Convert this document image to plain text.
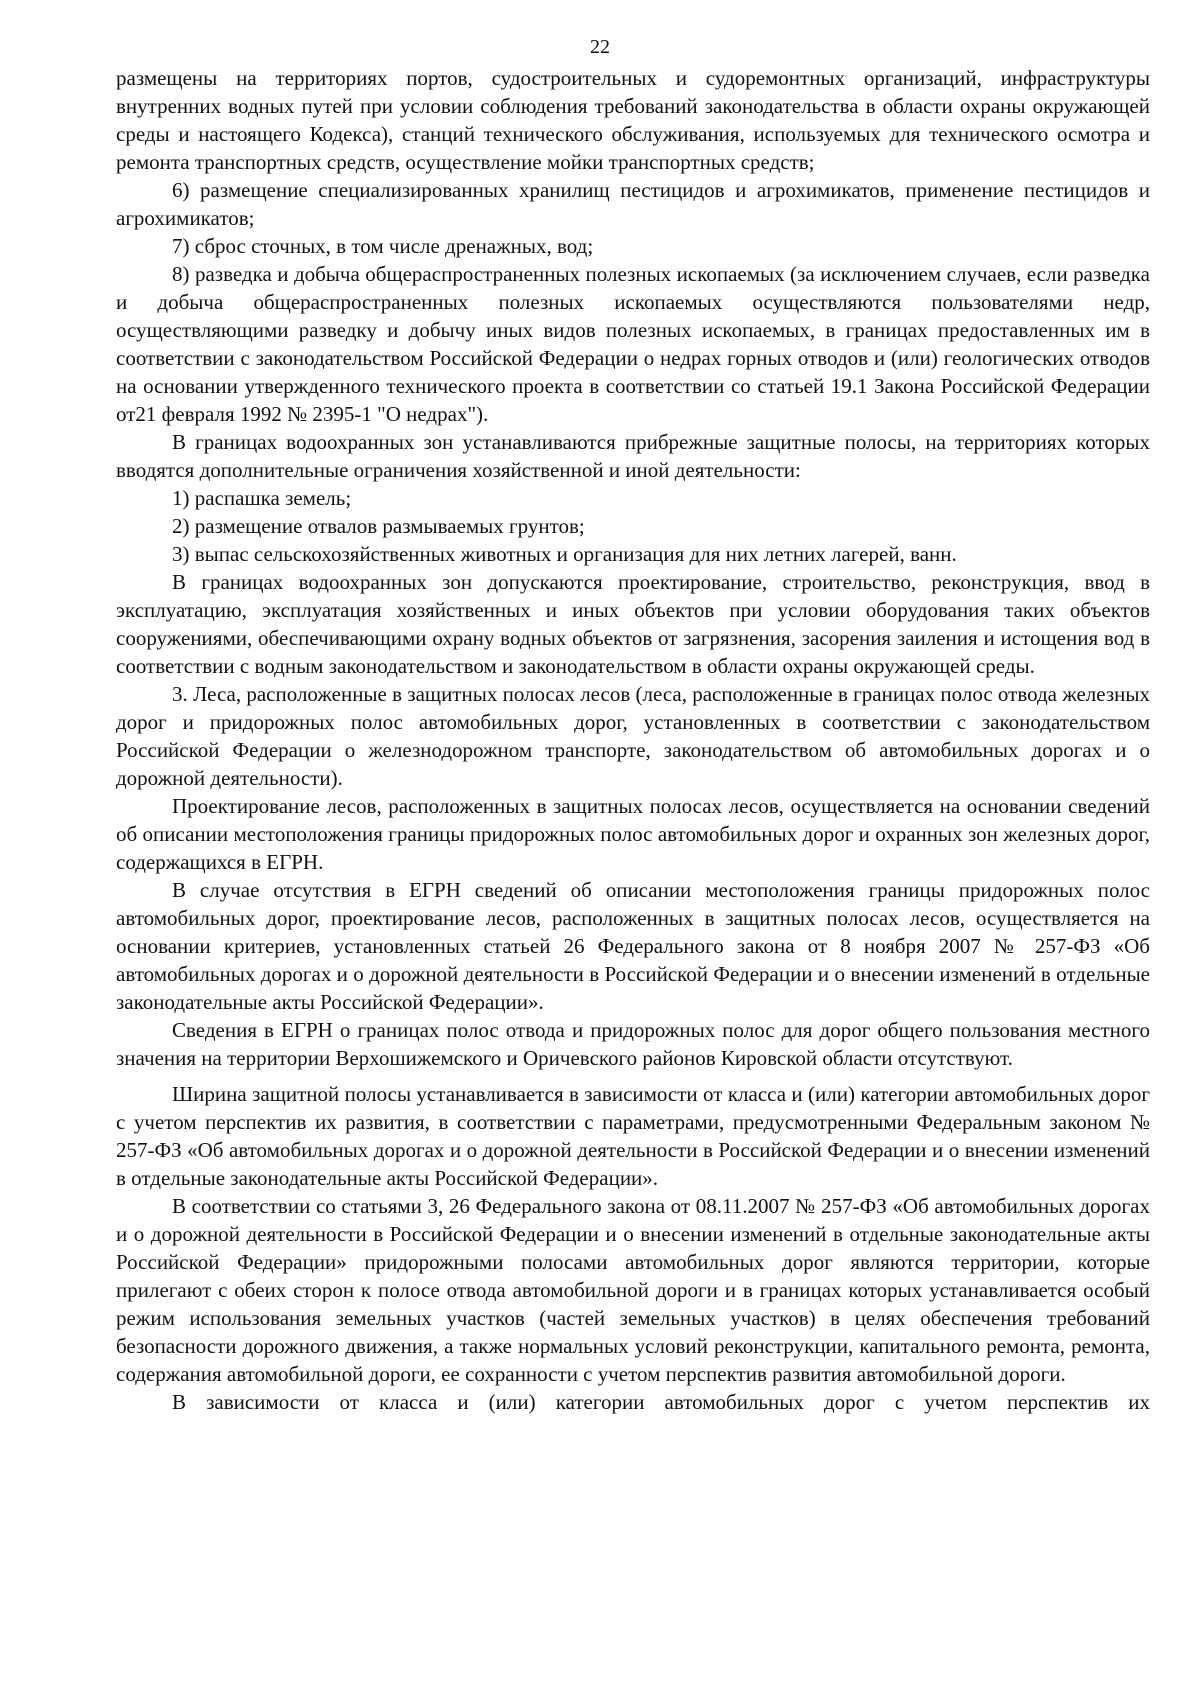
22

размещены на территориях портов, судостроительных и судоремонтных организаций, инфраструктуры внутренних водных путей при условии соблюдения требований законодательства в области охраны окружающей среды и настоящего Кодекса), станций технического обслуживания, используемых для технического осмотра и ремонта транспортных средств, осуществление мойки транспортных средств;

6) размещение специализированных хранилищ пестицидов и агрохимикатов, применение пестицидов и агрохимикатов;

7) сброс сточных, в том числе дренажных, вод;

8) разведка и добыча общераспространенных полезных ископаемых (за исключением случаев, если разведка и добыча общераспространенных полезных ископаемых осуществляются пользователями недр, осуществляющими разведку и добычу иных видов полезных ископаемых, в границах предоставленных им в соответствии с законодательством Российской Федерации о недрах горных отводов и (или) геологических отводов на основании утвержденного технического проекта в соответствии со статьей 19.1 Закона Российской Федерации от21 февраля 1992 № 2395-1 "О недрах").

В границах водоохранных зон устанавливаются прибрежные защитные полосы, на территориях которых вводятся дополнительные ограничения хозяйственной и иной деятельности:

1) распашка земель;

2) размещение отвалов размываемых грунтов;

3) выпас сельскохозяйственных животных и организация для них летних лагерей, ванн.

В границах водоохранных зон допускаются проектирование, строительство, реконструкция, ввод в эксплуатацию, эксплуатация хозяйственных и иных объектов при условии оборудования таких объектов сооружениями, обеспечивающими охрану водных объектов от загрязнения, засорения заиления и истощения вод в соответствии с водным законодательством и законодательством в области охраны окружающей среды.

3. Леса, расположенные в защитных полосах лесов (леса, расположенные в границах полос отвода железных дорог и придорожных полос автомобильных дорог, установленных в соответствии с законодательством Российской Федерации о железнодорожном транспорте, законодательством об автомобильных дорогах и о дорожной деятельности).

Проектирование лесов, расположенных в защитных полосах лесов, осуществляется на основании сведений об описании местоположения границы придорожных полос автомобильных дорог и охранных зон железных дорог, содержащихся в ЕГРН.

В случае отсутствия в ЕГРН сведений об описании местоположения границы придорожных полос автомобильных дорог, проектирование лесов, расположенных в защитных полосах лесов, осуществляется на основании критериев, установленных статьей 26 Федерального закона от 8 ноября 2007 № 257-ФЗ «Об автомобильных дорогах и о дорожной деятельности в Российской Федерации и о внесении изменений в отдельные законодательные акты Российской Федерации».

Сведения в ЕГРН о границах полос отвода и придорожных полос для дорог общего пользования местного значения на территории Верхошижемского и Оричевского районов Кировской области отсутствуют.

Ширина защитной полосы устанавливается в зависимости от класса и (или) категории автомобильных дорог с учетом перспектив их развития, в соответствии с параметрами, предусмотренными Федеральным законом № 257-ФЗ «Об автомобильных дорогах и о дорожной деятельности в Российской Федерации и о внесении изменений в отдельные законодательные акты Российской Федерации».

В соответствии со статьями 3, 26 Федерального закона от 08.11.2007 № 257-ФЗ «Об автомобильных дорогах и о дорожной деятельности в Российской Федерации и о внесении изменений в отдельные законодательные акты Российской Федерации» придорожными полосами автомобильных дорог являются территории, которые прилегают с обеих сторон к полосе отвода автомобильной дороги и в границах которых устанавливается особый режим использования земельных участков (частей земельных участков) в целях обеспечения требований безопасности дорожного движения, а также нормальных условий реконструкции, капитального ремонта, ремонта, содержания автомобильной дороги, ее сохранности с учетом перспектив развития автомобильной дороги.

В зависимости от класса и (или) категории автомобильных дорог с учетом перспектив их
